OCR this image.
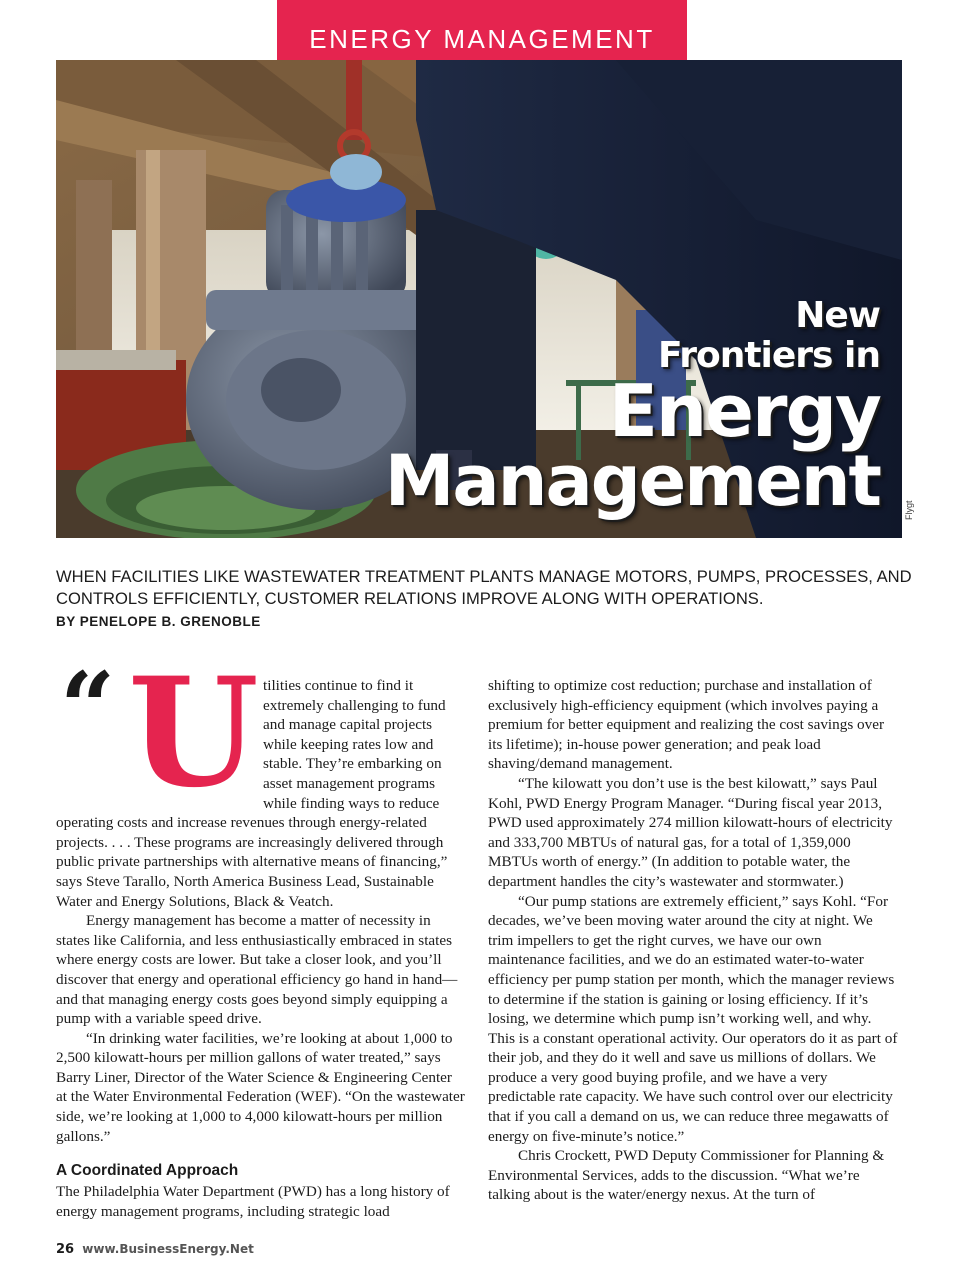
ENERGY MANAGEMENT
New
Frontiers in
Energy
Management	Flygt
WHEN FACILITIES LIKE WASTEWATER TREATMENT PLANTS MANAGE MOTORS, PUMPS, PROCESSES, AND CONTROLS EFFICIENTLY, CUSTOMER RELATIONS IMPROVE ALONG WITH OPERATIONS.
BY PENELOPE B. GRENOBLE
“ U tilities continue to find it extremely challenging to fund and manage capital projects while keeping rates low and stable. They’re embarking on asset management programs while finding ways to reduce operating costs and increase revenues through energy-related projects. . . . These programs are increasingly delivered through public private partnerships with alternative means of financing,” says Steve Tarallo, North America Business Lead, Sustainable Water and Energy Solutions, Black & Veatch.

Energy management has become a matter of necessity in states like California, and less enthusiastically embraced in states where energy costs are lower. But take a closer look, and you’ll discover that energy and operational efficiency go hand in hand—and that managing energy costs goes beyond simply equipping a pump with a variable speed drive.

“In drinking water facilities, we’re looking at about 1,000 to 2,500 kilowatt-hours per million gallons of water treated,” says Barry Liner, Director of the Water Science & Engineering Center at the Water Environmental Federation (WEF). “On the wastewater side, we’re looking at 1,000 to 4,000 kilowatt-hours per million gallons.”

A Coordinated Approach

The Philadelphia Water Department (PWD) has a long history of energy management programs, including strategic load

shifting to optimize cost reduction; purchase and installation of exclusively high-efficiency equipment (which involves paying a premium for better equipment and realizing the cost savings over its lifetime); in-house power generation; and peak load shaving/demand management.

“The kilowatt you don’t use is the best kilowatt,” says Paul Kohl, PWD Energy Program Manager. “During fiscal year 2013, PWD used approximately 274 million kilowatt-hours of electricity and 333,700 MBTUs of natural gas, for a total of 1,359,000 MBTUs worth of energy.” (In addition to potable water, the department handles the city’s wastewater and stormwater.)

“Our pump stations are extremely efficient,” says Kohl. “For decades, we’ve been moving water around the city at night. We trim impellers to get the right curves, we have our own maintenance facilities, and we do an estimated water-to-water efficiency per pump station per month, which the manager reviews to determine if the station is gaining or losing efficiency. If it’s losing, we determine which pump isn’t working well, and why. This is a constant operational activity. Our operators do it as part of their job, and they do it well and save us millions of dollars. We produce a very good buying profile, and we have a very predictable rate capacity. We have such control over our electricity that if you call a demand on us, we can reduce three megawatts of energy on five-minute’s notice.”

Chris Crockett, PWD Deputy Commissioner for Planning & Environmental Services, adds to the discussion. “What we’re talking about is the water/energy nexus. At the turn of

26 www.BusinessEnergy.Net
